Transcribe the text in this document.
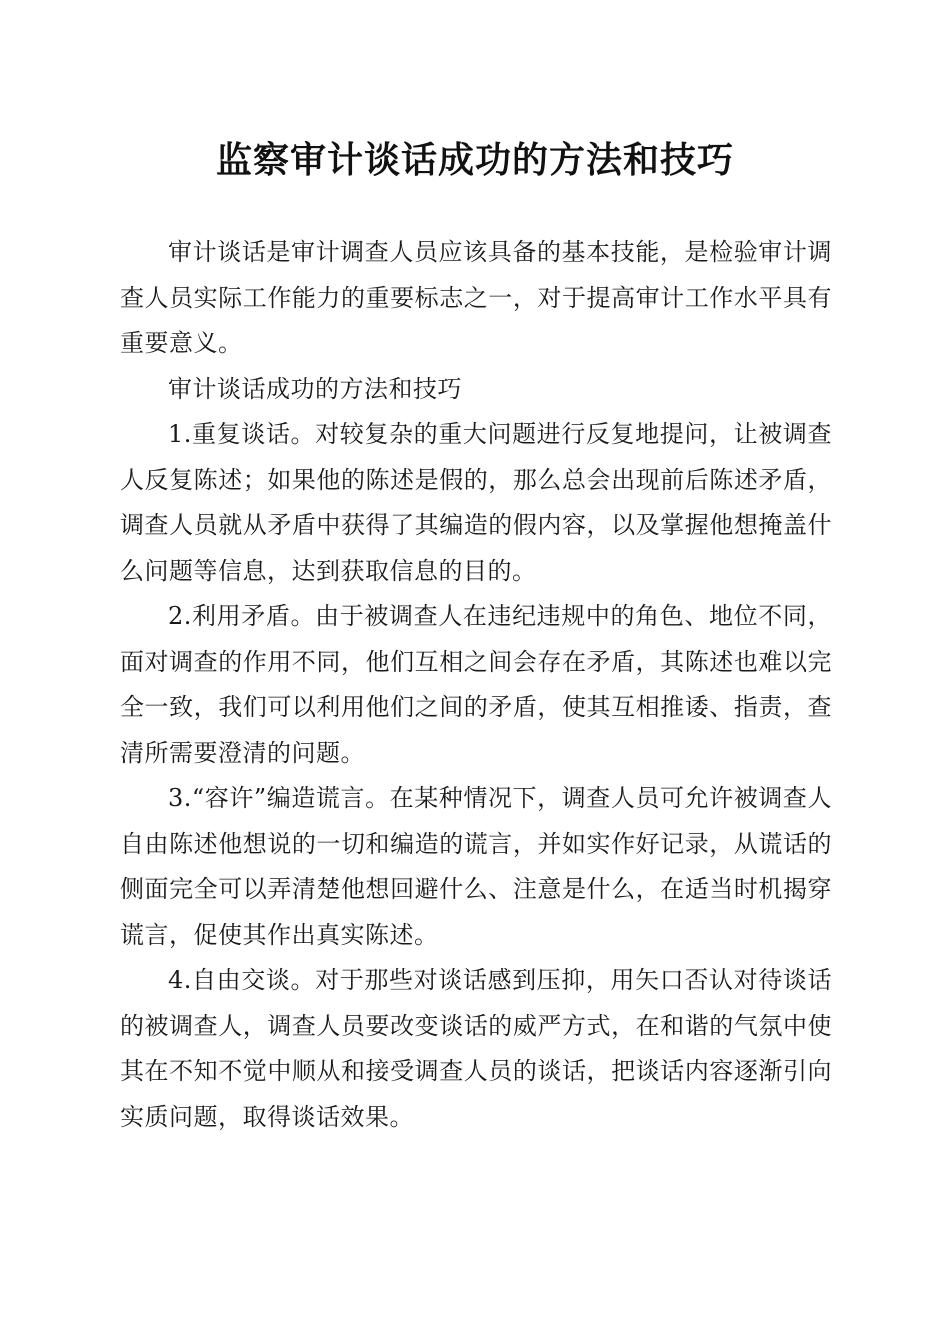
监察审计谈话成功的方法和技巧

审计谈话是审计调查人员应该具备的基本技能，是检验审计调查人员实际工作能力的重要标志之一，对于提高审计工作水平具有重要意义。

审计谈话成功的方法和技巧

1.重复谈话。对较复杂的重大问题进行反复地提问，让被调查人反复陈述；如果他的陈述是假的，那么总会出现前后陈述矛盾，调查人员就从矛盾中获得了其编造的假内容，以及掌握他想掩盖什么问题等信息，达到获取信息的目的。

2.利用矛盾。由于被调查人在违纪违规中的角色、地位不同，面对调查的作用不同，他们互相之间会存在矛盾，其陈述也难以完全一致，我们可以利用他们之间的矛盾，使其互相推诿、指责，查清所需要澄清的问题。

3.“容许”编造谎言。在某种情况下，调查人员可允许被调查人自由陈述他想说的一切和编造的谎言，并如实作好记录，从谎话的侧面完全可以弄清楚他想回避什么、注意是什么，在适当时机揭穿谎言，促使其作出真实陈述。

4.自由交谈。对于那些对谈话感到压抑，用矢口否认对待谈话的被调查人，调查人员要改变谈话的威严方式，在和谐的气氛中使其在不知不觉中顺从和接受调查人员的谈话，把谈话内容逐渐引向实质问题，取得谈话效果。
